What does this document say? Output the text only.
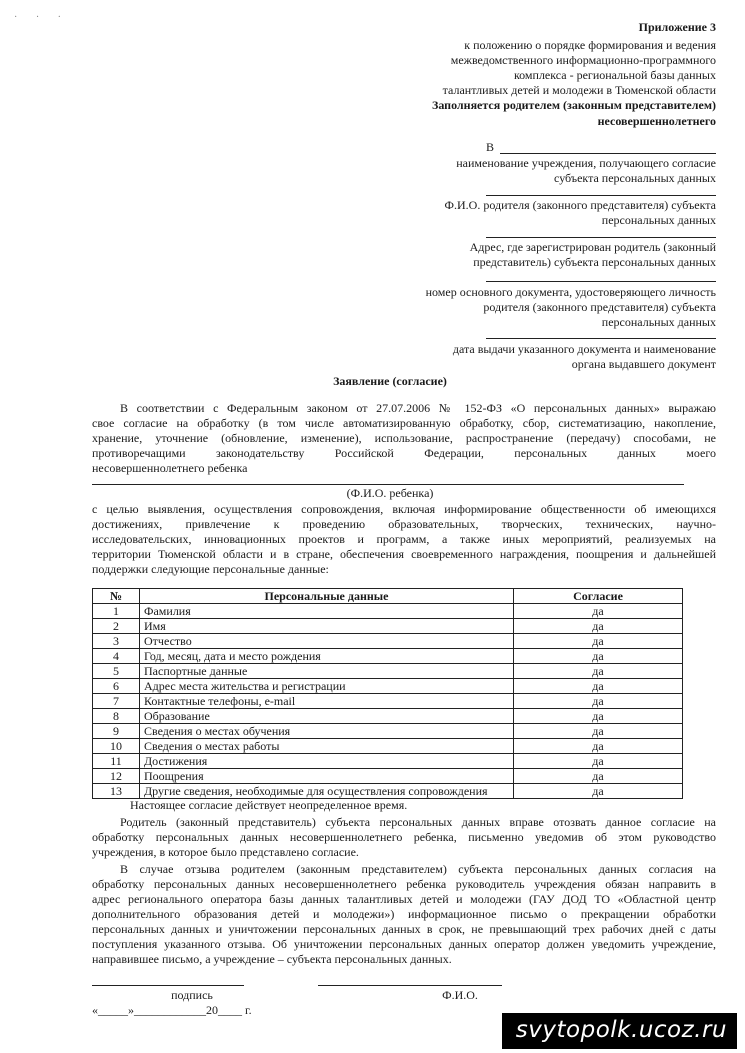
· · ·
Приложение 3
к положению о порядке формирования и ведения
межведомственного информационно-программного
комплекса - региональной базы данных
талантливых детей и молодежи в Тюменской области
Заполняется родителем (законным представителем)
несовершеннолетнего
В
наименование учреждения, получающего согласие
субъекта персональных данных
Ф.И.О. родителя (законного представителя) субъекта
персональных данных
Адрес, где зарегистрирован родитель (законный
представитель) субъекта персональных данных
номер основного документа, удостоверяющего личность
родителя (законного представителя) субъекта
персональных данных
дата выдачи указанного документа и наименование
органа выдавшего документ
Заявление (согласие)
В соответствии с Федеральным законом от 27.07.2006 № 152-ФЗ «О персональных данных» выражаю
свое согласие на обработку (в том числе автоматизированную обработку, сбор, систематизацию, накопление,
хранение, уточнение (обновление, изменение), использование, распространение (передачу) способами, не
противоречащими законодательству Российской Федерации, персональных данных моего
несовершеннолетнего ребенка
(Ф.И.О. ребенка)
с целью выявления, осуществления сопровождения, включая информирование общественности об имеющихся
достижениях, привлечение к проведению образовательных, творческих, технических, научно-
исследовательских, инновационных проектов и программ, а также иных мероприятий, реализуемых на
территории Тюменской области и в стране, обеспечения своевременного награждения, поощрения и дальнейшей
поддержки следующие персональные данные:
№	Персональные данные	Согласие
1	Фамилия	да
2	Имя	да
3	Отчество	да
4	Год, месяц, дата и место рождения	да
5	Паспортные данные	да
6	Адрес места жительства и регистрации	да
7	Контактные телефоны, e-mail	да
8	Образование	да
9	Сведения о местах обучения	да
10	Сведения о местах работы	да
11	Достижения	да
12	Поощрения	да
13	Другие сведения, необходимые для осуществления сопровождения	да
Настоящее согласие действует неопределенное время.
Родитель (законный представитель) субъекта персональных данных вправе отозвать данное согласие на
обработку персональных данных несовершеннолетнего ребенка, письменно уведомив об этом руководство
учреждения, в которое было представлено согласие.
В случае отзыва родителем (законным представителем) субъекта персональных данных согласия на
обработку персональных данных несовершеннолетнего ребенка руководитель учреждения обязан направить в
адрес регионального оператора базы данных талантливых детей и молодежи (ГАУ ДОД ТО «Областной центр
дополнительного образования детей и молодежи») информационное письмо о прекращении обработки
персональных данных и уничтожении персональных данных в срок, не превышающий трех рабочих дней с даты
поступления указанного отзыва. Об уничтожении персональных данных оператор должен уведомить учреждение,
направившее письмо, а учреждение – субъекта персональных данных.
подпись	Ф.И.О.
«_____»____________20____ г.
svytopolk.ucoz.ru
